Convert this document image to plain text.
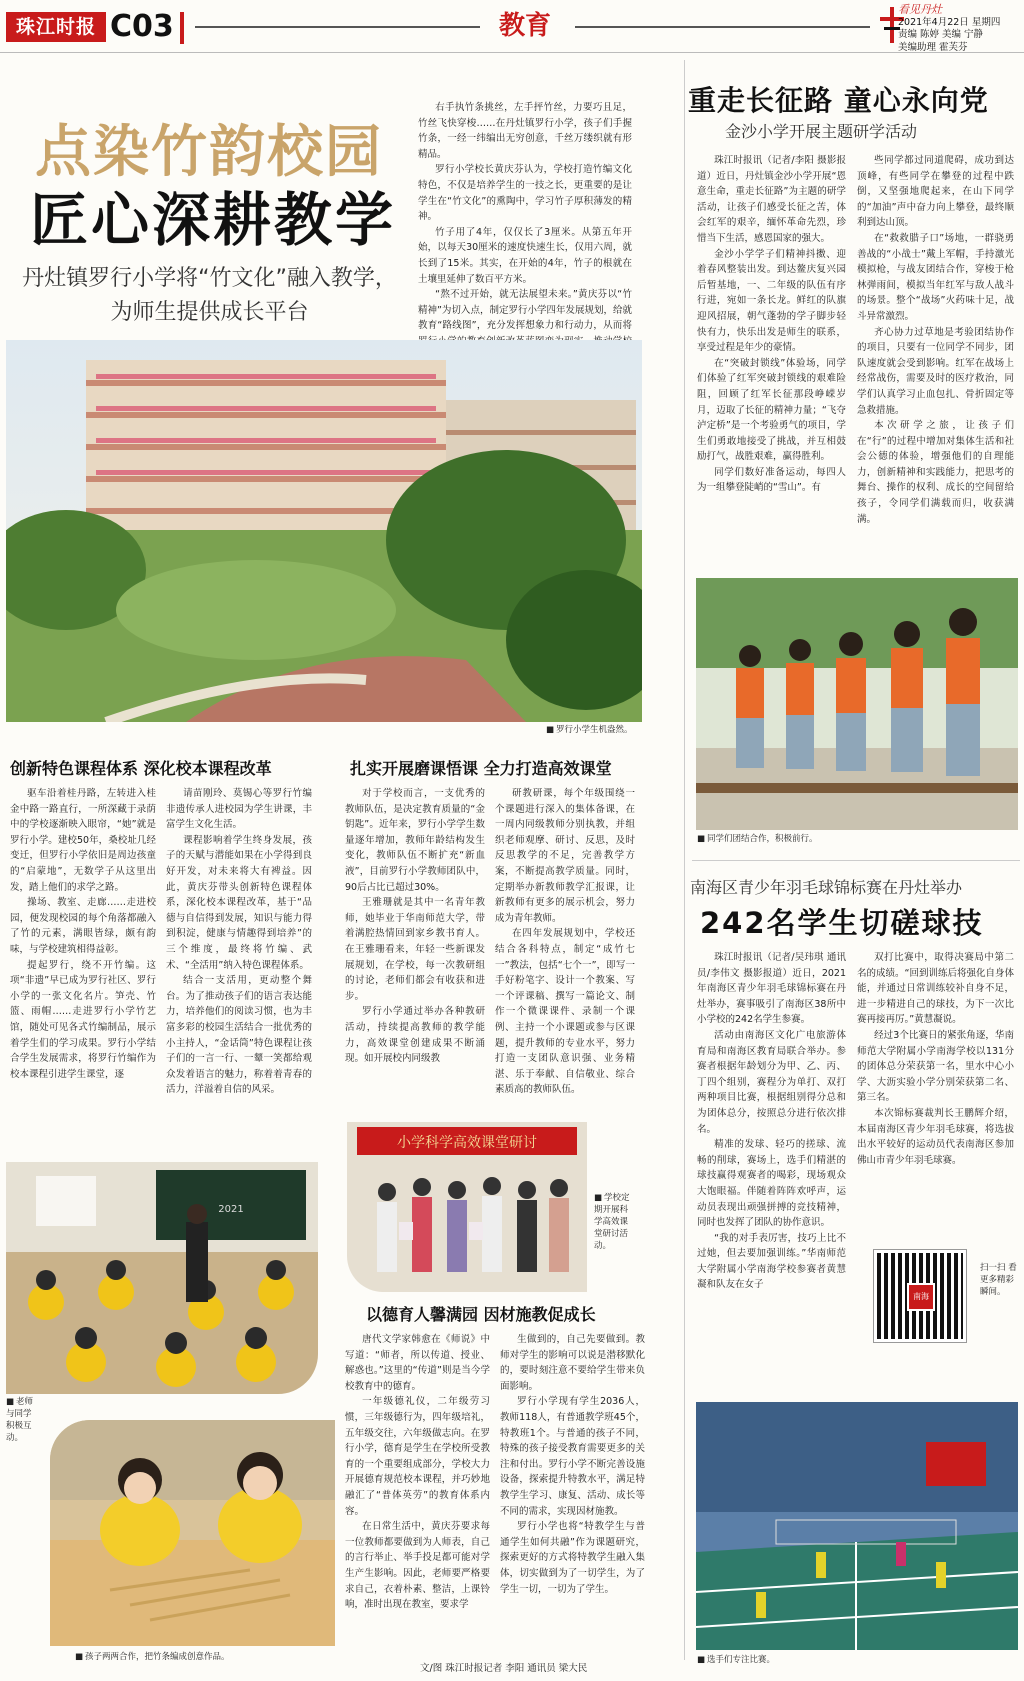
珠江时报 C03	教育
看见丹灶
2021年4月22日 星期四
责编 陈婷 美编 宁静
美编助理 霍芙芬
点染竹韵校园
匠心深耕教学
丹灶镇罗行小学将“竹文化”融入教学，为师生提供成长平台

右手执竹条挑丝，左手抨竹丝，力要巧且足，竹丝飞快穿梭……在丹灶镇罗行小学，孩子们手握竹条，一经一纬编出无穷创意，千丝万缕织就有形精品。

罗行小学校长黄庆芬认为，学校打造竹编文化特色，不仅是培养学生的一技之长，更重要的是让学生在“竹文化”的熏陶中，学习竹子厚积薄发的精神。

竹子用了4年，仅仅长了3厘米。从第五年开始，以每天30厘米的速度快速生长，仅用六周，就长到了15米。其实，在开始的4年，竹子的根就在土壤里延伸了数百平方米。

“熬不过开始，就无法展望未来。”黄庆芬以“竹精神”为切入点，制定罗行小学四年发展规划，给就教育“路线图”，充分发挥想象力和行动力，从而将

■ 罗行小学生机盎然。
创新特色课程体系 深化校本课程改革

驱车沿着桂丹路，左转进入桂金中路一路直行，一所深藏于录荫中的学校逐渐映入眼帘，“她”就是罗行小学。建校50年，桑校址几经变迁，但罗行小学依旧是周边孩童的“启蒙地”，无数学子从这里出发，踏上他们的求学之路。

操场、教室、走廊……走进校园，便发现校园的每个角落都融入了竹的元素，满眼皆绿，颇有韵味，与学校建筑相得益彰。

提起罗行，绕不开竹编。这项“非遗”早已成为罗行社区、罗行小学的一张文化名片。笋壳、竹篮、雨帽……走进罗行小学竹艺馆，随处可见各式竹编制品，展示着学生们的学习成果。罗行小学结合学生发展需求，将罗行竹编作为校本课程引进学生课堂，逐

请苗刚玲、莫锡心等罗行竹编非遗传承人进校园为学生讲课，丰富学生文化生活。

课程影响着学生终身发展，孩子的天赋与潜能如果在小学得到良好开发，对未来将大有裨益。因此，黄庆芬带头创新特色课程体系，深化校本课程改革，基于“品德与自信得到发展，知识与能力得到积淀，健康与情趣得到培养”的三个维度，最终将竹编、武术、“全活用”纳入特色课程体系。

结合一支活用，更动整个舞台。为了推动孩子们的语言表达能力，培养他们的阅读习惯，也为丰富多彩的校园生活结合一批优秀的小主持人，“金话筒”特色课程让孩子们的一言一行、一颦一笑都给观众发着语言的魅力，称着着青春的活力，洋溢着自信的风采。

扎实开展磨课悟课 全力打造高效课堂

对于学校而言，一支优秀的教师队伍，是决定教育质量的“金钥匙”。近年来，罗行小学学生数量逐年增加，教师年龄结构发生变化，教师队伍不断扩充“新血液”，目前罗行小学教师团队中，90后占比已超过30%。

王雅珊就是其中一名青年教师，她毕业于华南师范大学，带着满腔热情回到家乡教书育人。在王雅珊看来，年轻一些新课发展规划，在学校，每一次教研组的讨论，老师们都会有收获和进步。

罗行小学通过举办各种教研活动，持续提高教师的教学能力，高效课堂创建成果不断涌现。如开展校内同级教

研教研课，每个年级围绕一个课题进行深入的集体备课，在一周内同级教师分别执教，并组织老师观摩、研讨、反思，及时反思教学的不足，完善教学方案，不断提高教学质量。同时，定期举办新教师教学汇报课，让新教师有更多的展示机会，努力成为青年教师。

在四年发展规划中，学校还结合各科特点，制定“成竹七一”教法，包括“七个一”，即写一手好粉笔字、设计一个教案、写一个评课稿、撰写一篇论文、制作一个微课课件、录制一个课例、主持一个小课题或参与区课题，提升教师的专业水平，努力打造一支团队意识强、业务精湛、乐于奉献、自信敬业、综合素质高的教师队伍。

2021
■ 老师与同学积极互动。
■ 孩子两两合作，把竹条编成创意作品。
小学科学高效课堂研讨
■ 学校定期开展科学高效课堂研讨活动。
以德育人馨满园 因材施教促成长

唐代文学家韩愈在《师说》中写道：“师者，所以传道、授业、解惑也。”这里的“传道”则是当今学校教育中的德育。

一年级德礼仪，二年级劳习惯，三年级德行为，四年级培礼，五年级交往，六年级做志向。在罗行小学，德育是学生在学校所受教育的一个重要组成部分，学校大力开展德育规范校本课程，并巧妙地融汇了“普体英劳”的教育体系内容。

在日常生活中，黄庆芬要求每一位教师都要做到为人师表，自己的言行举止、举手投足都可能对学生产生影响。因此，老师要严格要求自己，衣着朴素、整洁，上课铃响，准时出现在教室，要求学

生做到的，自己先要做到。教师对学生的影响可以说是潜移默化的，要时刻注意不要给学生带来负面影响。

罗行小学现有学生2036人，教师118人，有普通教学班45个，特教班1个。与普通的孩子不同，特殊的孩子接受教育需要更多的关注和付出。罗行小学不断完善设施设备，探索提升特教水平，满足特教学生学习、康复、活动、成长等不同的需求，实现因材施教。

罗行小学也将“特教学生与普通学生如何共融”作为课题研究，探索更好的方式将特教学生融入集体，切实做到为了一切学生，为了学生一切，一切为了学生。

文/图 珠江时报记者 李阳 通讯员 梁大民
重走长征路 童心永向党
金沙小学开展主题研学活动

珠江时报讯（记者/李阳 摄影报道）近日，丹灶镇金沙小学开展“恩意生命，重走长征路”为主题的研学活动，让孩子们感受长征之苦，体会红军的艰辛，缅怀革命先烈，珍惜当下生活，感恩国家的强大。

金沙小学学子们精神抖擞、迎着春风整装出发。到达鳌庆复兴园后暂基地，一、二年级的队伍有序行进，宛如一条长龙。鲜红的队旗迎风招展，朝气蓬勃的学子脚步轻快有力，快乐出发是师生的联系，享受过程是年少的豪情。

在“突破封锁线”体验场，同学们体验了红军突破封锁线的艰难险阻，回顾了红军长征那段峥嵘岁月，迈取了长征的精神力量；“飞夺泸定桥”是一个考验勇气的项目，学生们勇敢地接受了挑战，并互相鼓励打气，战胜艰难，赢得胜利。

同学们数好准备运动，每四人为一组攀登陡峭的“雪山”。有

些同学都过同道爬碍，成功到达顶峰，有些同学在攀登的过程中跌倒，又坚强地爬起来，在山下同学的“加油”声中奋力向上攀登，最终顺利到达山顶。

在“救救腊子口”场地，一群骁勇善战的“小战士”戴上军帽，手持激光模拟枪，与战友团结合作，穿梭于枪林弹雨间，模拟当年红军与敌人战斗的场景。整个“战场”火药味十足，战斗异常激烈。

齐心协力过草地是考验团结协作的项目，只要有一位同学不同步，团队速度就会受到影响。红军在战场上经常战伤，需要及时的医疗救治，同学们认真学习止血包扎、骨折固定等急救措施。

本次研学之旅，让孩子们在“行”的过程中增加对集体生活和社会公德的体验，增强他们的自理能力，创新精神和实践能力，把思考的舞台、操作的权利、成长的空间留给孩子，令同学们满载而归，收获满满。

■ 同学们团结合作，积极前行。
南海区青少年羽毛球锦标赛在丹灶举办
242名学生切磋球技

珠江时报讯（记者/吴玮琪 通讯员/李伟文 摄影报道）近日，2021年南海区青少年羽毛球锦标赛在丹灶举办，赛事吸引了南海区38所中小学校的242名学生参赛。

活动由南海区文化广电旅游体育局和南海区教育局联合举办。参赛者根据年龄划分为甲、乙、丙、丁四个组别，赛程分为单打、双打两种项目比赛，根据组别得分总和为团体总分，按照总分进行依次排名。

精准的发球、轻巧的搓球、流畅的削球，赛场上，选手们精湛的球技赢得观赛者的喝彩，现场观众大饱眼福。伴随着阵阵欢呼声，运动员表现出顽强拼搏的竞技精神，同时也发挥了团队的协作意识。

“我的对手表厉害，技巧上比不过她，但去要加强训练。”华南师范大学附属小学南海学校参赛者黄慧凝和队友在女子

双打比赛中，取得决赛局中第二名的成绩。“回到训练后将强化自身体能，并通过日常训练较补自身不足，进一步精进自己的球技，为下一次比赛再接再厉。”黄慧凝说。

经过3个比赛日的紧张角逐，华南师范大学附属小学南海学校以131分的团体总分荣获第一名，里水中心小学、大沥实验小学分别荣获第二名、第三名。

本次锦标赛裁判长王鹏辉介绍，本届南海区青少年羽毛球赛，将选拔出水平较好的运动员代表南海区参加佛山市青少年羽毛球赛。

南海
扫一扫 看更多精彩瞬间。
■ 选手们专注比赛。
